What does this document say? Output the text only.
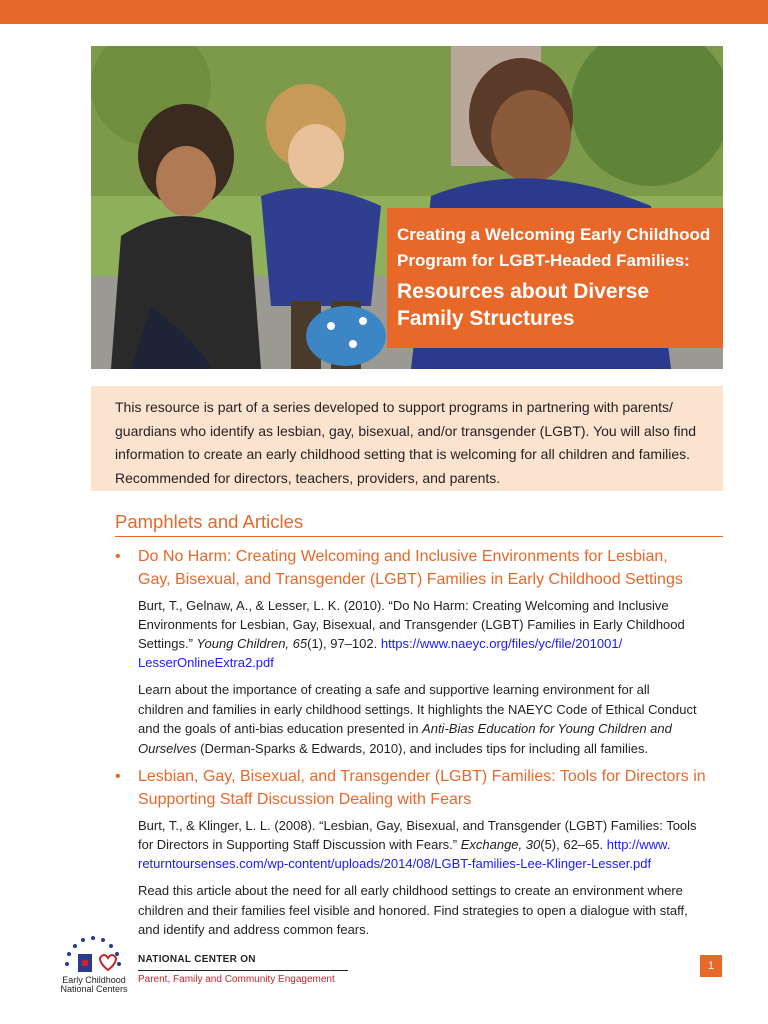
Creating a Welcoming Early Childhood
Program for LGBT-Headed Families:
Resources about Diverse
Family Structures
This resource is part of a series developed to support programs in partnering with parents/
guardians who identify as lesbian, gay, bisexual, and/or transgender (LGBT). You will also find
information to create an early childhood setting that is welcoming for all children and families.
Recommended for directors, teachers, providers, and parents.
Pamphlets and Articles
• Do No Harm: Creating Welcoming and Inclusive Environments for Lesbian,
Gay, Bisexual, and Transgender (LGBT) Families in Early Childhood Settings
Burt, T., Gelnaw, A., & Lesser, L. K. (2010). “Do No Harm: Creating Welcoming and Inclusive
Environments for Lesbian, Gay, Bisexual, and Transgender (LGBT) Families in Early Childhood
Settings.” Young Children, 65(1), 97–102. https://www.naeyc.org/files/yc/file/201001/
LesserOnlineExtra2.pdf
Learn about the importance of creating a safe and supportive learning environment for all
children and families in early childhood settings. It highlights the NAEYC Code of Ethical Conduct
and the goals of anti-bias education presented in Anti-Bias Education for Young Children and
Ourselves (Derman-Sparks & Edwards, 2010), and includes tips for including all families.
• Lesbian, Gay, Bisexual, and Transgender (LGBT) Families: Tools for Directors in
Supporting Staff Discussion Dealing with Fears
Burt, T., & Klinger, L. L. (2008). “Lesbian, Gay, Bisexual, and Transgender (LGBT) Families: Tools
for Directors in Supporting Staff Discussion with Fears.” Exchange, 30(5), 62–65. http://www.
returntoursenses.com/wp-content/uploads/2014/08/LGBT-families-Lee-Klinger-Lesser.pdf
Read this article about the need for all early childhood settings to create an environment where
children and their families feel visible and honored. Find strategies to open a dialogue with staff,
and identify and address common fears.
Early Childhood
National Centers
NATIONAL CENTER ON
Parent, Family and Community Engagement
1
